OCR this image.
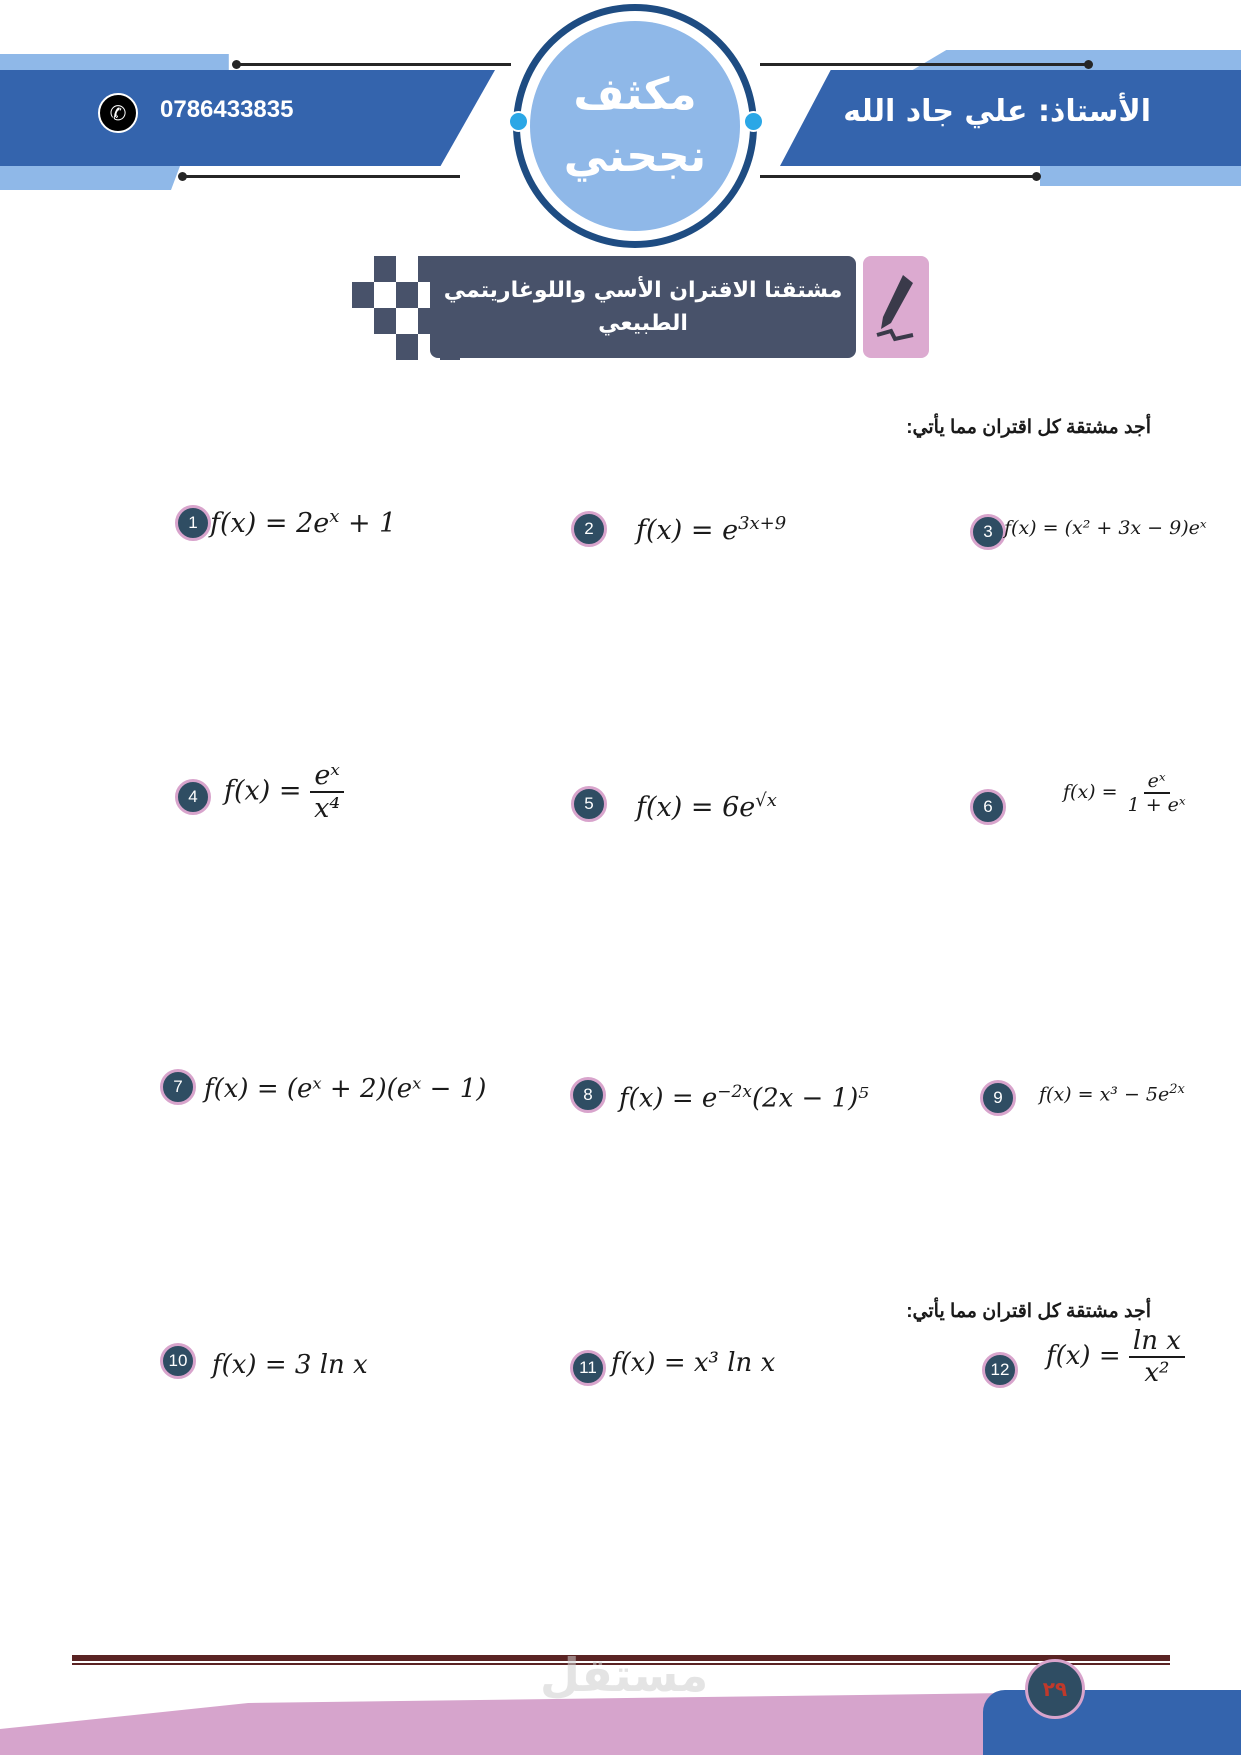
✆	0786433835	الأستاذ: علي جاد الله
مكثف
نجحني
مشتقتا الاقتران الأسي واللوغاريتمي
الطبيعي
أجد مشتقة كل اقتران مما يأتي:
1 $f(x) = 2e^x + 1$	2	$f(x) = e^{3x+9}$	3 f(x) = (x² + 3x − 9)eˣ
4 $f(x) = \frac{\text{eˣ}}{\text{x⁴}}$	5	$f(x) = 6e^{√x}$	6
$f(x) = \frac{\text{eˣ}}{\text{1 + eˣ}}$
7 f(x) = (eˣ + 2)(eˣ − 1)	8	$f(x) = e^{-2x}(2x - 1)^5$	9	$f(x) = x^3 - 5e^{2x}$
أجد مشتقة كل اقتران مما يأتي:
10 f(x) = 3 ln x	11 f(x) = x³ ln x	12	$f(x) = \frac{\text{ln x}}{\text{x²}}$
٢٩
مستقل
